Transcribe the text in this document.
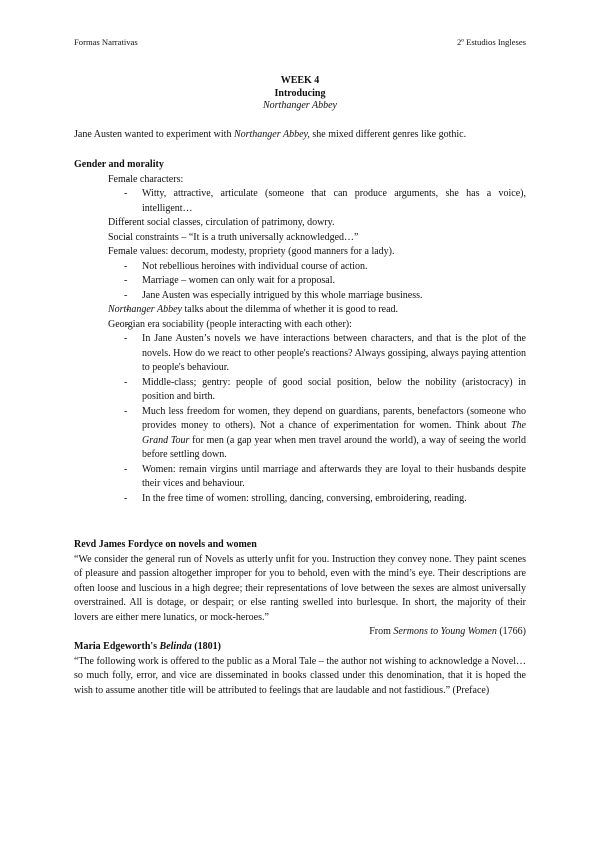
Formas Narrativas	2º Estudios Ingleses
WEEK 4
Introducing
Northanger Abbey
Jane Austen wanted to experiment with Northanger Abbey, she mixed different genres like gothic.
Gender and morality
- Female characters:
- Witty, attractive, articulate (someone that can produce arguments, she has a voice), intelligent…
- Different social classes, circulation of patrimony, dowry.
- Social constraints – “It is a truth universally acknowledged…”
- Female values: decorum, modesty, propriety (good manners for a lady).
- Not rebellious heroines with individual course of action.
- Marriage – women can only wait for a proposal.
- Jane Austen was especially intrigued by this whole marriage business.
- Northanger Abbey talks about the dilemma of whether it is good to read.
- Georgian era sociability (people interacting with each other):
- In Jane Austen’s novels we have interactions between characters, and that is the plot of the novels. How do we react to other people's reactions? Always gossiping, always paying attention to people's behaviour.
- Middle-class; gentry: people of good social position, below the nobility (aristocracy) in position and birth.
- Much less freedom for women, they depend on guardians, parents, benefactors (someone who provides money to others). Not a chance of experimentation for women. Think about The Grand Tour for men (a gap year when men travel around the world), a way of seeing the world before settling down.
- Women: remain virgins until marriage and afterwards they are loyal to their husbands despite their vices and behaviour.
- In the free time of women: strolling, dancing, conversing, embroidering, reading.
Revd James Fordyce on novels and women
“We consider the general run of Novels as utterly unfit for you. Instruction they convey none. They paint scenes of pleasure and passion altogether improper for you to behold, even with the mind’s eye. Their descriptions are often loose and luscious in a high degree; their representations of love between the sexes are almost universally overstrained. All is dotage, or despair; or else ranting swelled into burlesque. In short, the majority of their lovers are either mere lunatics, or mock-heroes.”
From Sermons to Young Women (1766)
Maria Edgeworth's Belinda (1801)
“The following work is offered to the public as a Moral Tale – the author not wishing to acknowledge a Novel… so much folly, error, and vice are disseminated in books classed under this denomination, that it is hoped the wish to assume another title will be attributed to feelings that are laudable and not fastidious.” (Preface)
